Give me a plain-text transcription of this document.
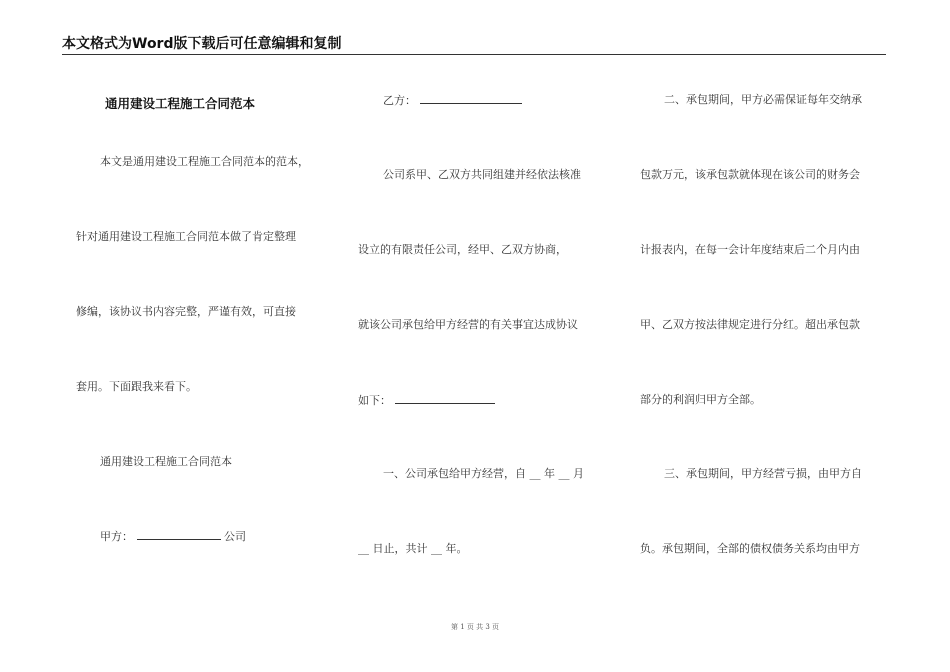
本文格式为Word版下载后可任意编辑和复制
通用建设工程施工合同范本
本文是通用建设工程施工合同范本的范本，
针对通用建设工程施工合同范本做了肯定整理
修编，该协议书内容完整，严谨有效，可直接
套用。下面跟我来看下。
通用建设工程施工合同范本
甲方：	公司
乙方：
公司系甲、乙双方共同组建并经依法核准
设立的有限责任公司，经甲、乙双方协商，
就该公司承包给甲方经营的有关事宜达成协议
如下：
一、公司承包给甲方经营，自 __ 年 __ 月
__ 日止，共计 __ 年。
二、承包期间，甲方必需保证每年交纳承
包款万元，该承包款就体现在该公司的财务会
计报表内，在每一会计年度结束后二个月内由
甲、乙双方按法律规定进行分红。超出承包款
部分的利润归甲方全部。
三、承包期间，甲方经营亏损，由甲方自
负。承包期间，全部的债权债务关系均由甲方
第 1 页 共 3 页
